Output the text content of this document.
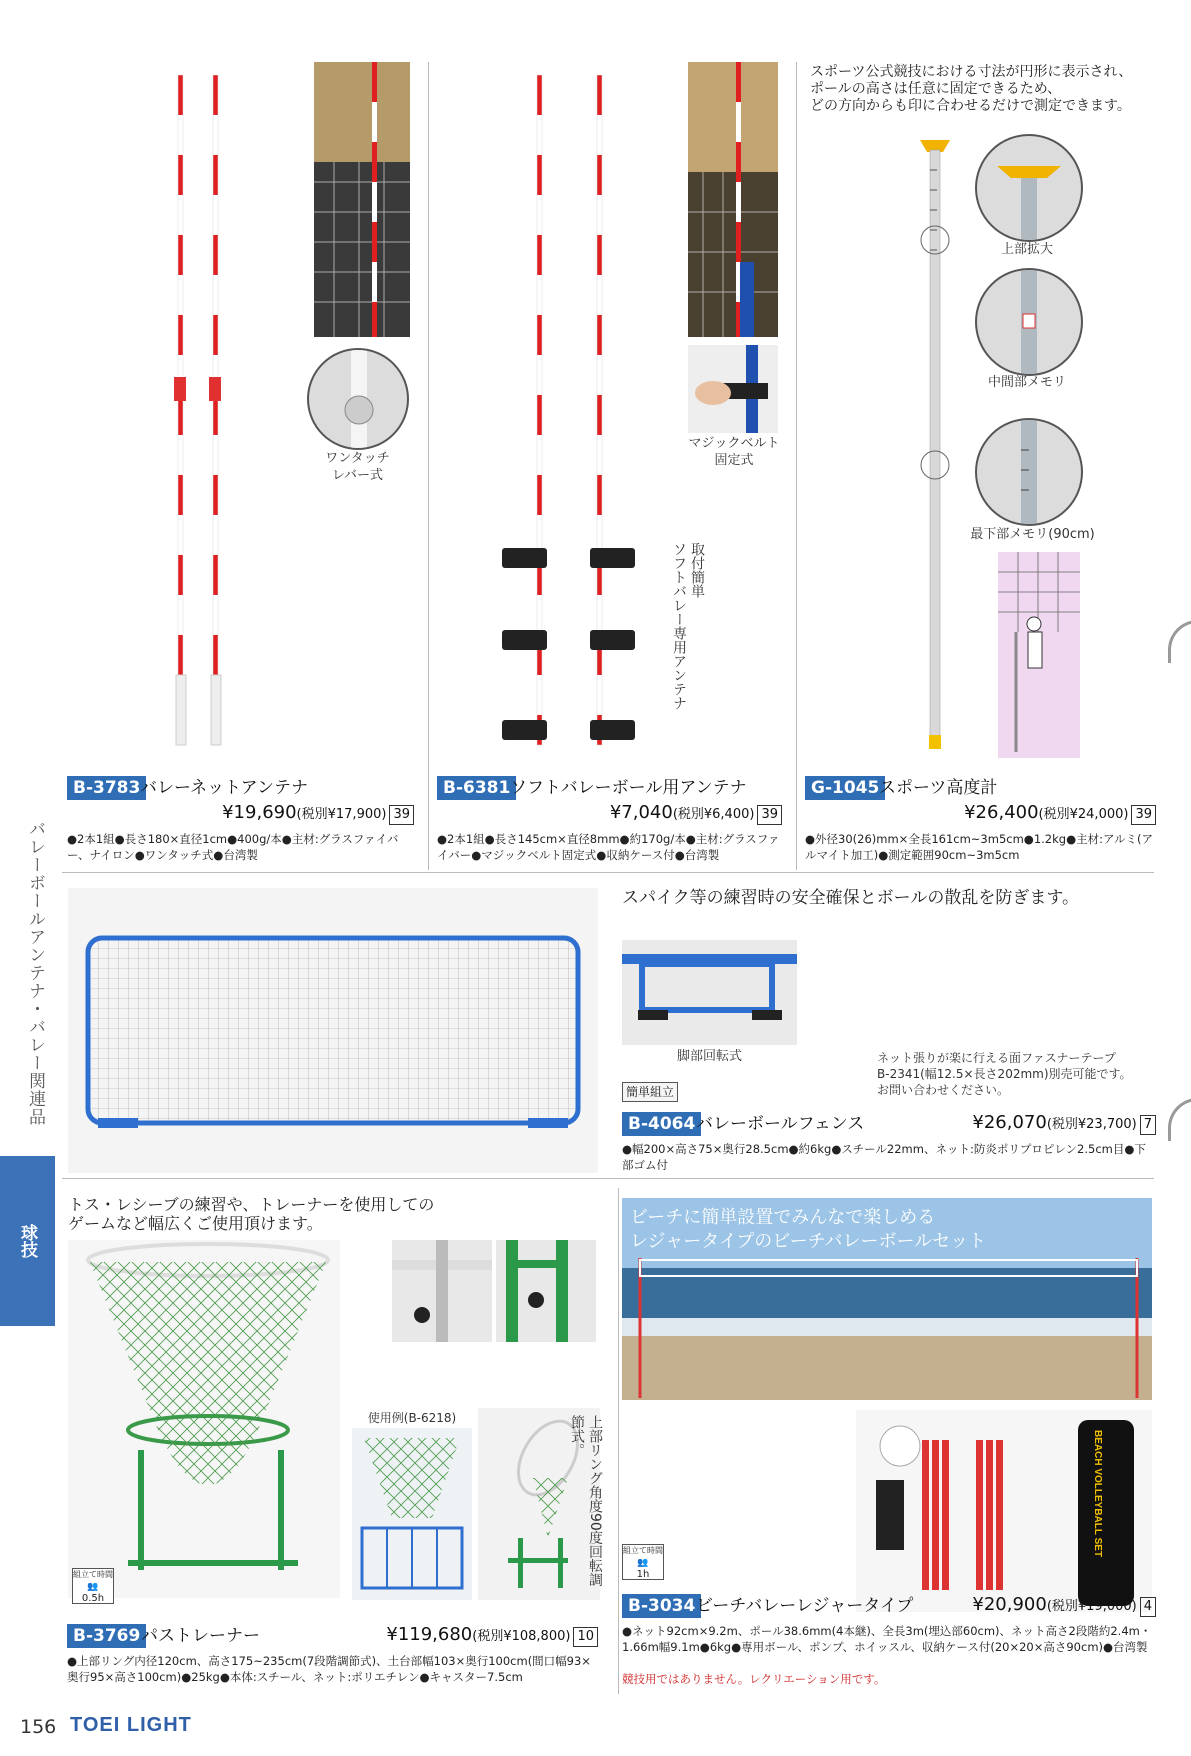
バレーボールアンテナ・バレー関連品
球技
ワンタッチ
レバー式
B-3783 バレーネットアンテナ
¥19,690(税別¥17,900) 39
●2本1組●長さ180×直径1cm●400g/本●主材:グラスファイバー、ナイロン●ワンタッチ式●台湾製
マジックベルト
固定式
取付簡単
ソフトバレー専用アンテナ
B-6381 ソフトバレーボール用アンテナ
¥7,040(税別¥6,400) 39
●2本1組●長さ145cm×直径8mm●約170g/本●主材:グラスファイバー●マジックベルト固定式●収納ケース付●台湾製
スポーツ公式競技における寸法が円形に表示され、
ポールの高さは任意に固定できるため、
どの方向からも印に合わせるだけで測定できます。
上部拡大
中間部メモリ
最下部メモリ(90cm)
G-1045 スポーツ高度計
¥26,400(税別¥24,000) 39
●外径30(26)mm×全長161cm~3m5cm●1.2kg●主材:アルミ(アルマイト加工)●測定範囲90cm~3m5cm
スパイク等の練習時の安全確保とボールの散乱を防ぎます。
脚部回転式	ネット張りが楽に行える面ファスナーテープ
B-2341(幅12.5×長さ202mm)別売可能です。
お問い合わせください。
簡単組立
B-4064 バレーボールフェンス	¥26,070(税別¥23,700) 7
●幅200×高さ75×奥行28.5cm●約6kg●スチール22mm、ネット:防炎ポリプロピレン2.5cm目●下部ゴム付
トス・レシーブの練習や、トレーナーを使用しての
ゲームなど幅広くご使用頂けます。
使用例(B-6218)	上部リング角度90度回転調節式。
組立て時間
👥
0.5h
B-3769 パストレーナー	¥119,680(税別¥108,800) 10
●上部リング内径120cm、高さ175~235cm(7段階調節式)、土台部幅103×奥行100cm(間口幅93×奥行95×高さ100cm)●25kg●本体:スチール、ネット:ポリエチレン●キャスター7.5cm
ビーチに簡単設置でみんなで楽しめる
レジャータイプのビーチバレーボールセット
BEACH VOLLEYBALL SET
組立て時間
👥
1h
B-3034 ビーチバレーレジャータイプ	¥20,900(税別¥19,000) 4
●ネット92cm×9.2m、ポール38.6mm(4本継)、全長3m(埋込部60cm)、ネット高さ2段階約2.4m・1.66m幅9.1m●6kg●専用ボール、ポンプ、ホイッスル、収納ケース付(20×20×高さ90cm)●台湾製
競技用ではありません。レクリエーション用です。
156 TOEI LIGHT
